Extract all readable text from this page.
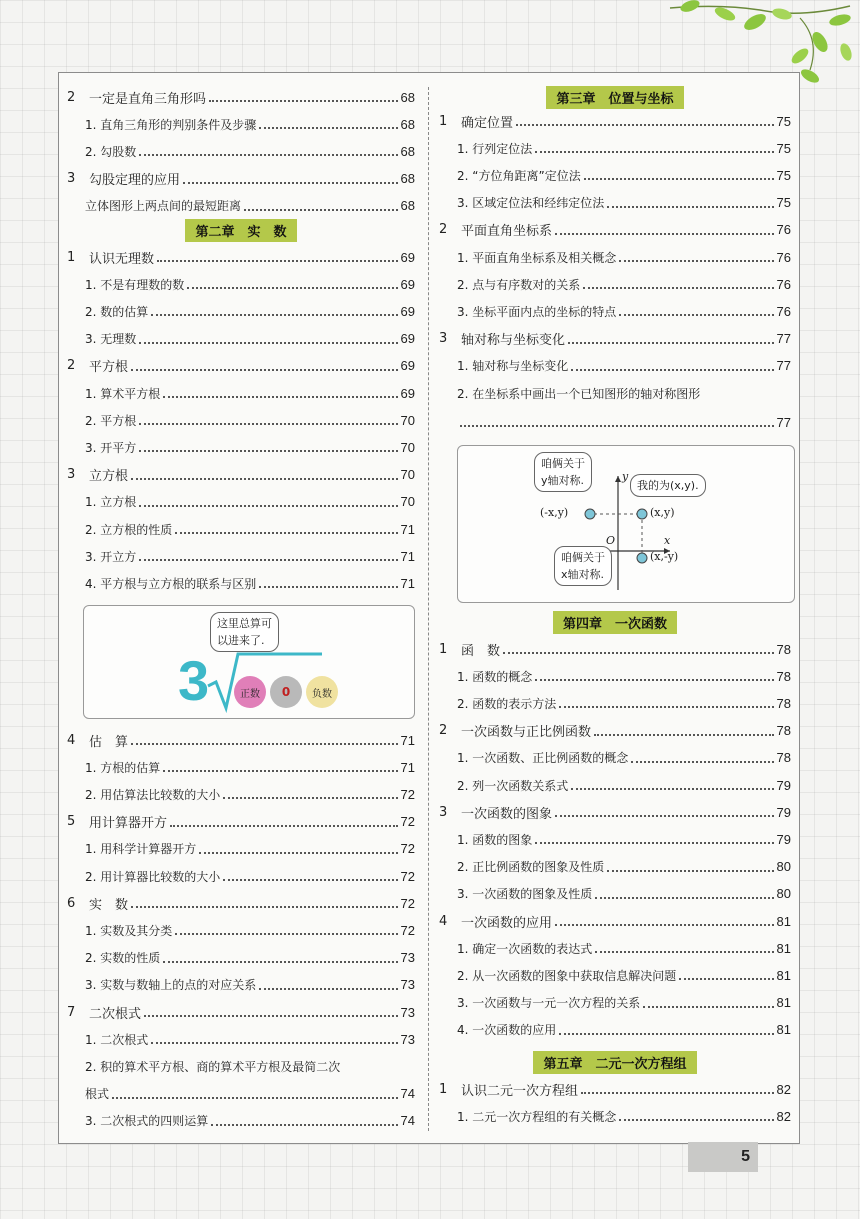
2	一定是直角三角形吗	68
1. 直角三角形的判别条件及步骤	68
2. 勾股数	68
3	勾股定理的应用	68
立体图形上两点间的最短距离	68
第二章　实　数
1	认识无理数	69
1. 不是有理数的数	69
2. 数的估算	69
3. 无理数	69
2	平方根	69
1. 算术平方根	69
2. 平方根	70
3. 开平方	70
3	立方根	70
1. 立方根	70
2. 立方根的性质	71
3. 开立方	71
4. 平方根与立方根的联系与区别	71
这里总算可
以进来了.
3	正数	0	负数
4	估　算	71
1. 方根的估算	71
2. 用估算法比较数的大小	72
5	用计算器开方	72
1. 用科学计算器开方	72
2. 用计算器比较数的大小	72
6	实　数	72
1. 实数及其分类	72
2. 实数的性质	73
3. 实数与数轴上的点的对应关系	73
7	二次根式	73
1. 二次根式	73
2. 积的算术平方根、商的算术平方根及最简二次
根式	74
3. 二次根式的四则运算	74
第三章　位置与坐标
1	确定位置	75
1. 行列定位法	75
2. “方位角距离”定位法	75
3. 区域定位法和经纬定位法	75
2	平面直角坐标系	76
1. 平面直角坐标系及相关概念	76
2. 点与有序数对的关系	76
3. 坐标平面内点的坐标的特点	76
3	轴对称与坐标变化	77
1. 轴对称与坐标变化	77
2. 在坐标系中画出一个已知图形的轴对称图形
77
咱俩关于
y轴对称.	我的为(x,y).
咱俩关于
x轴对称.
(-x,y)	(x,y)
(x,-y)
x
y
O
第四章　一次函数
1	函　数	78
1. 函数的概念	78
2. 函数的表示方法	78
2	一次函数与正比例函数	78
1. 一次函数、正比例函数的概念	78
2. 列一次函数关系式	79
3	一次函数的图象	79
1. 函数的图象	79
2. 正比例函数的图象及性质	80
3. 一次函数的图象及性质	80
4	一次函数的应用	81
1. 确定一次函数的表达式	81
2. 从一次函数的图象中获取信息解决问题	81
3. 一次函数与一元一次方程的关系	81
4. 一次函数的应用	81
第五章　二元一次方程组
1	认识二元一次方程组	82
1. 二元一次方程组的有关概念	82
5
